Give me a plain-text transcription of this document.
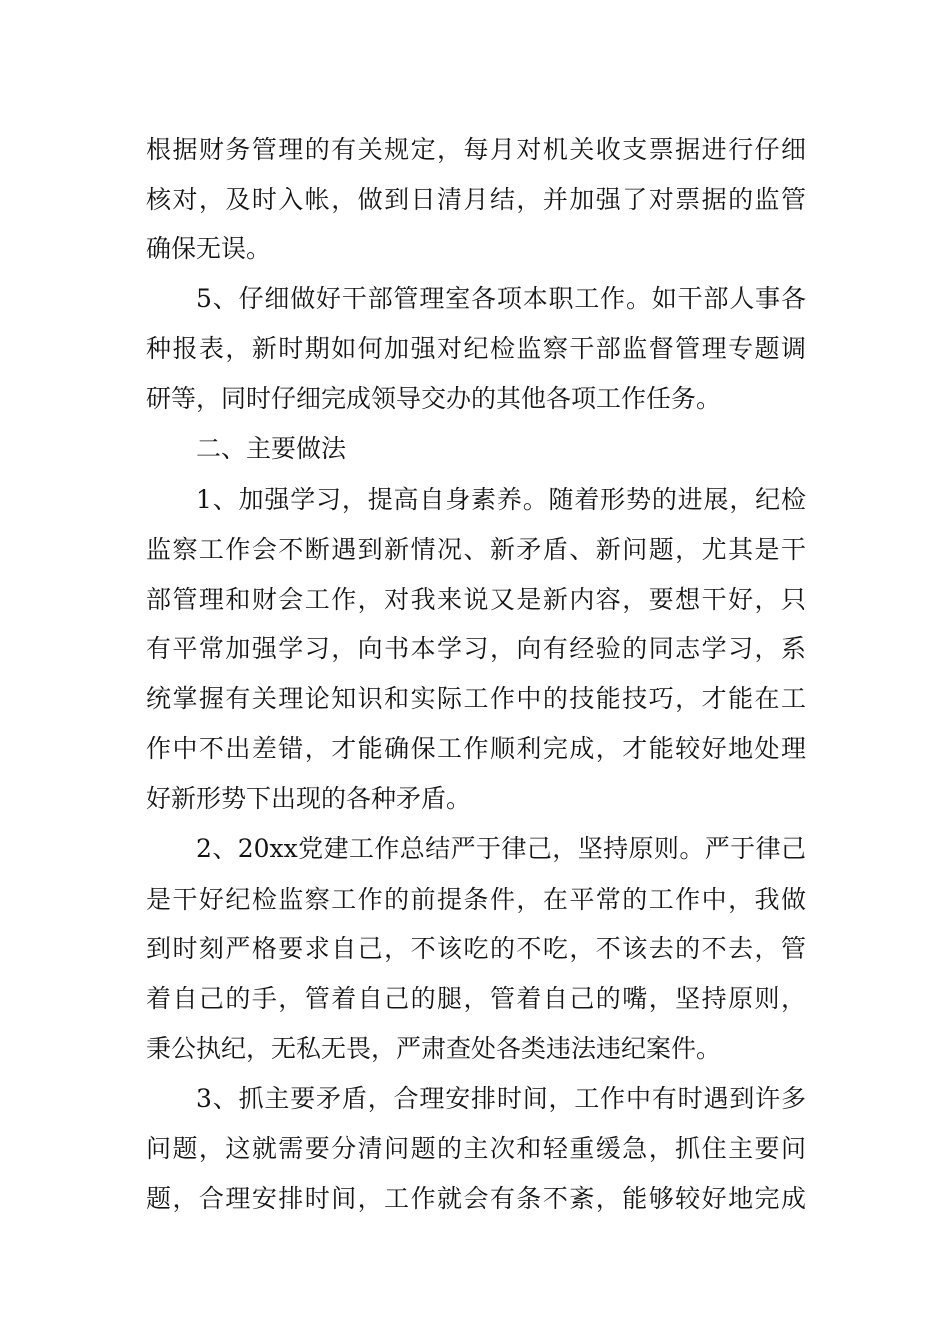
根据财务管理的有关规定，每月对机关收支票据进行仔细
核对，及时入帐，做到日清月结，并加强了对票据的监管
确保无误。
5、仔细做好干部管理室各项本职工作。如干部人事各
种报表，新时期如何加强对纪检监察干部监督管理专题调
研等，同时仔细完成领导交办的其他各项工作任务。
二、主要做法
1、加强学习，提高自身素养。随着形势的进展，纪检
监察工作会不断遇到新情况、新矛盾、新问题，尤其是干
部管理和财会工作，对我来说又是新内容，要想干好，只
有平常加强学习，向书本学习，向有经验的同志学习，系
统掌握有关理论知识和实际工作中的技能技巧，才能在工
作中不出差错，才能确保工作顺利完成，才能较好地处理
好新形势下出现的各种矛盾。
2、20xx党建工作总结严于律己，坚持原则。严于律己
是干好纪检监察工作的前提条件，在平常的工作中，我做
到时刻严格要求自己，不该吃的不吃，不该去的不去，管
着自己的手，管着自己的腿，管着自己的嘴，坚持原则，
秉公执纪，无私无畏，严肃查处各类违法违纪案件。
3、抓主要矛盾，合理安排时间，工作中有时遇到许多
问题，这就需要分清问题的主次和轻重缓急，抓住主要问
题，合理安排时间，工作就会有条不紊，能够较好地完成
